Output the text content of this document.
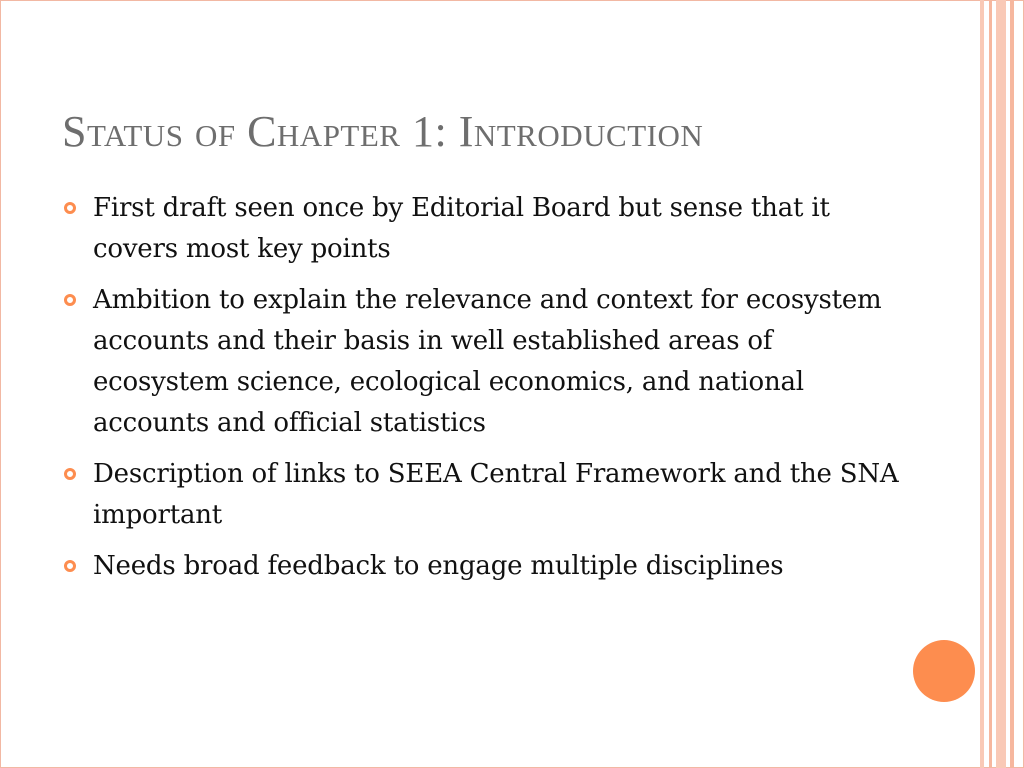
Status of Chapter 1: Introduction
First draft seen once by Editorial Board but sense that it covers most key points
Ambition to explain the relevance and context for ecosystem accounts and their basis in well established areas of ecosystem science, ecological economics, and national accounts and official statistics
Description of links to SEEA Central Framework and the SNA important
Needs broad feedback to engage multiple disciplines
